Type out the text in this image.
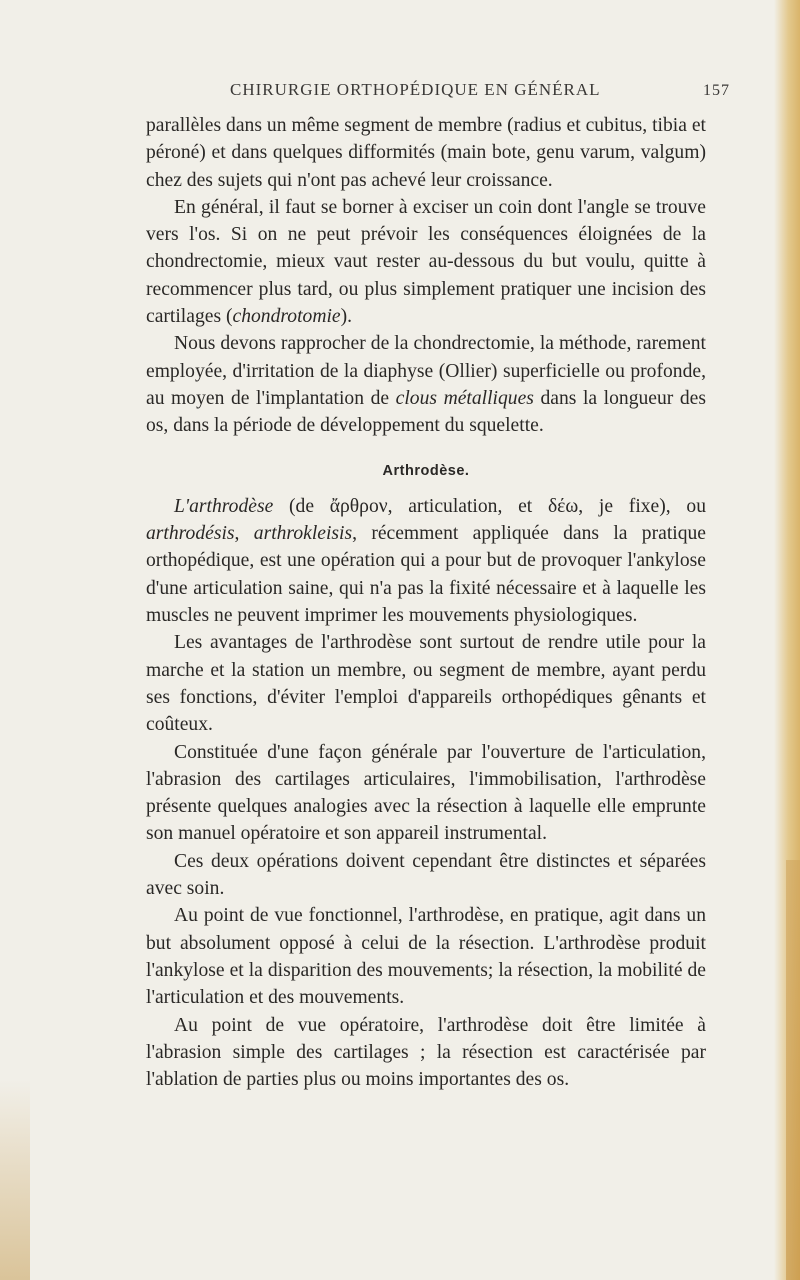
CHIRURGIE ORTHOPÉDIQUE EN GÉNÉRAL	157

parallèles dans un même segment de membre (radius et cubitus, tibia et péroné) et dans quelques difformités (main bote, genu varum, valgum) chez des sujets qui n'ont pas achevé leur croissance.

En général, il faut se borner à exciser un coin dont l'angle se trouve vers l'os. Si on ne peut prévoir les conséquences éloignées de la chondrectomie, mieux vaut rester au-dessous du but voulu, quitte à recommencer plus tard, ou plus simplement pratiquer une incision des cartilages (chondrotomie).

Nous devons rapprocher de la chondrectomie, la méthode, rarement employée, d'irritation de la diaphyse (Ollier) superficielle ou profonde, au moyen de l'implantation de clous métalliques dans la longueur des os, dans la période de développement du squelette.

Arthrodèse.

L'arthrodèse (de ἄρθρον, articulation, et δέω, je fixe), ou arthrodésis, arthrokleisis, récemment appliquée dans la pratique orthopédique, est une opération qui a pour but de provoquer l'ankylose d'une articulation saine, qui n'a pas la fixité nécessaire et à laquelle les muscles ne peuvent imprimer les mouvements physiologiques.

Les avantages de l'arthrodèse sont surtout de rendre utile pour la marche et la station un membre, ou segment de membre, ayant perdu ses fonctions, d'éviter l'emploi d'appareils orthopédiques gênants et coûteux.

Constituée d'une façon générale par l'ouverture de l'articulation, l'abrasion des cartilages articulaires, l'immobilisation, l'arthrodèse présente quelques analogies avec la résection à laquelle elle emprunte son manuel opératoire et son appareil instrumental.

Ces deux opérations doivent cependant être distinctes et séparées avec soin.

Au point de vue fonctionnel, l'arthrodèse, en pratique, agit dans un but absolument opposé à celui de la résection. L'arthrodèse produit l'ankylose et la disparition des mouvements; la résection, la mobilité de l'articulation et des mouvements.

Au point de vue opératoire, l'arthrodèse doit être limitée à l'abrasion simple des cartilages ; la résection est caractérisée par l'ablation de parties plus ou moins importantes des os.
